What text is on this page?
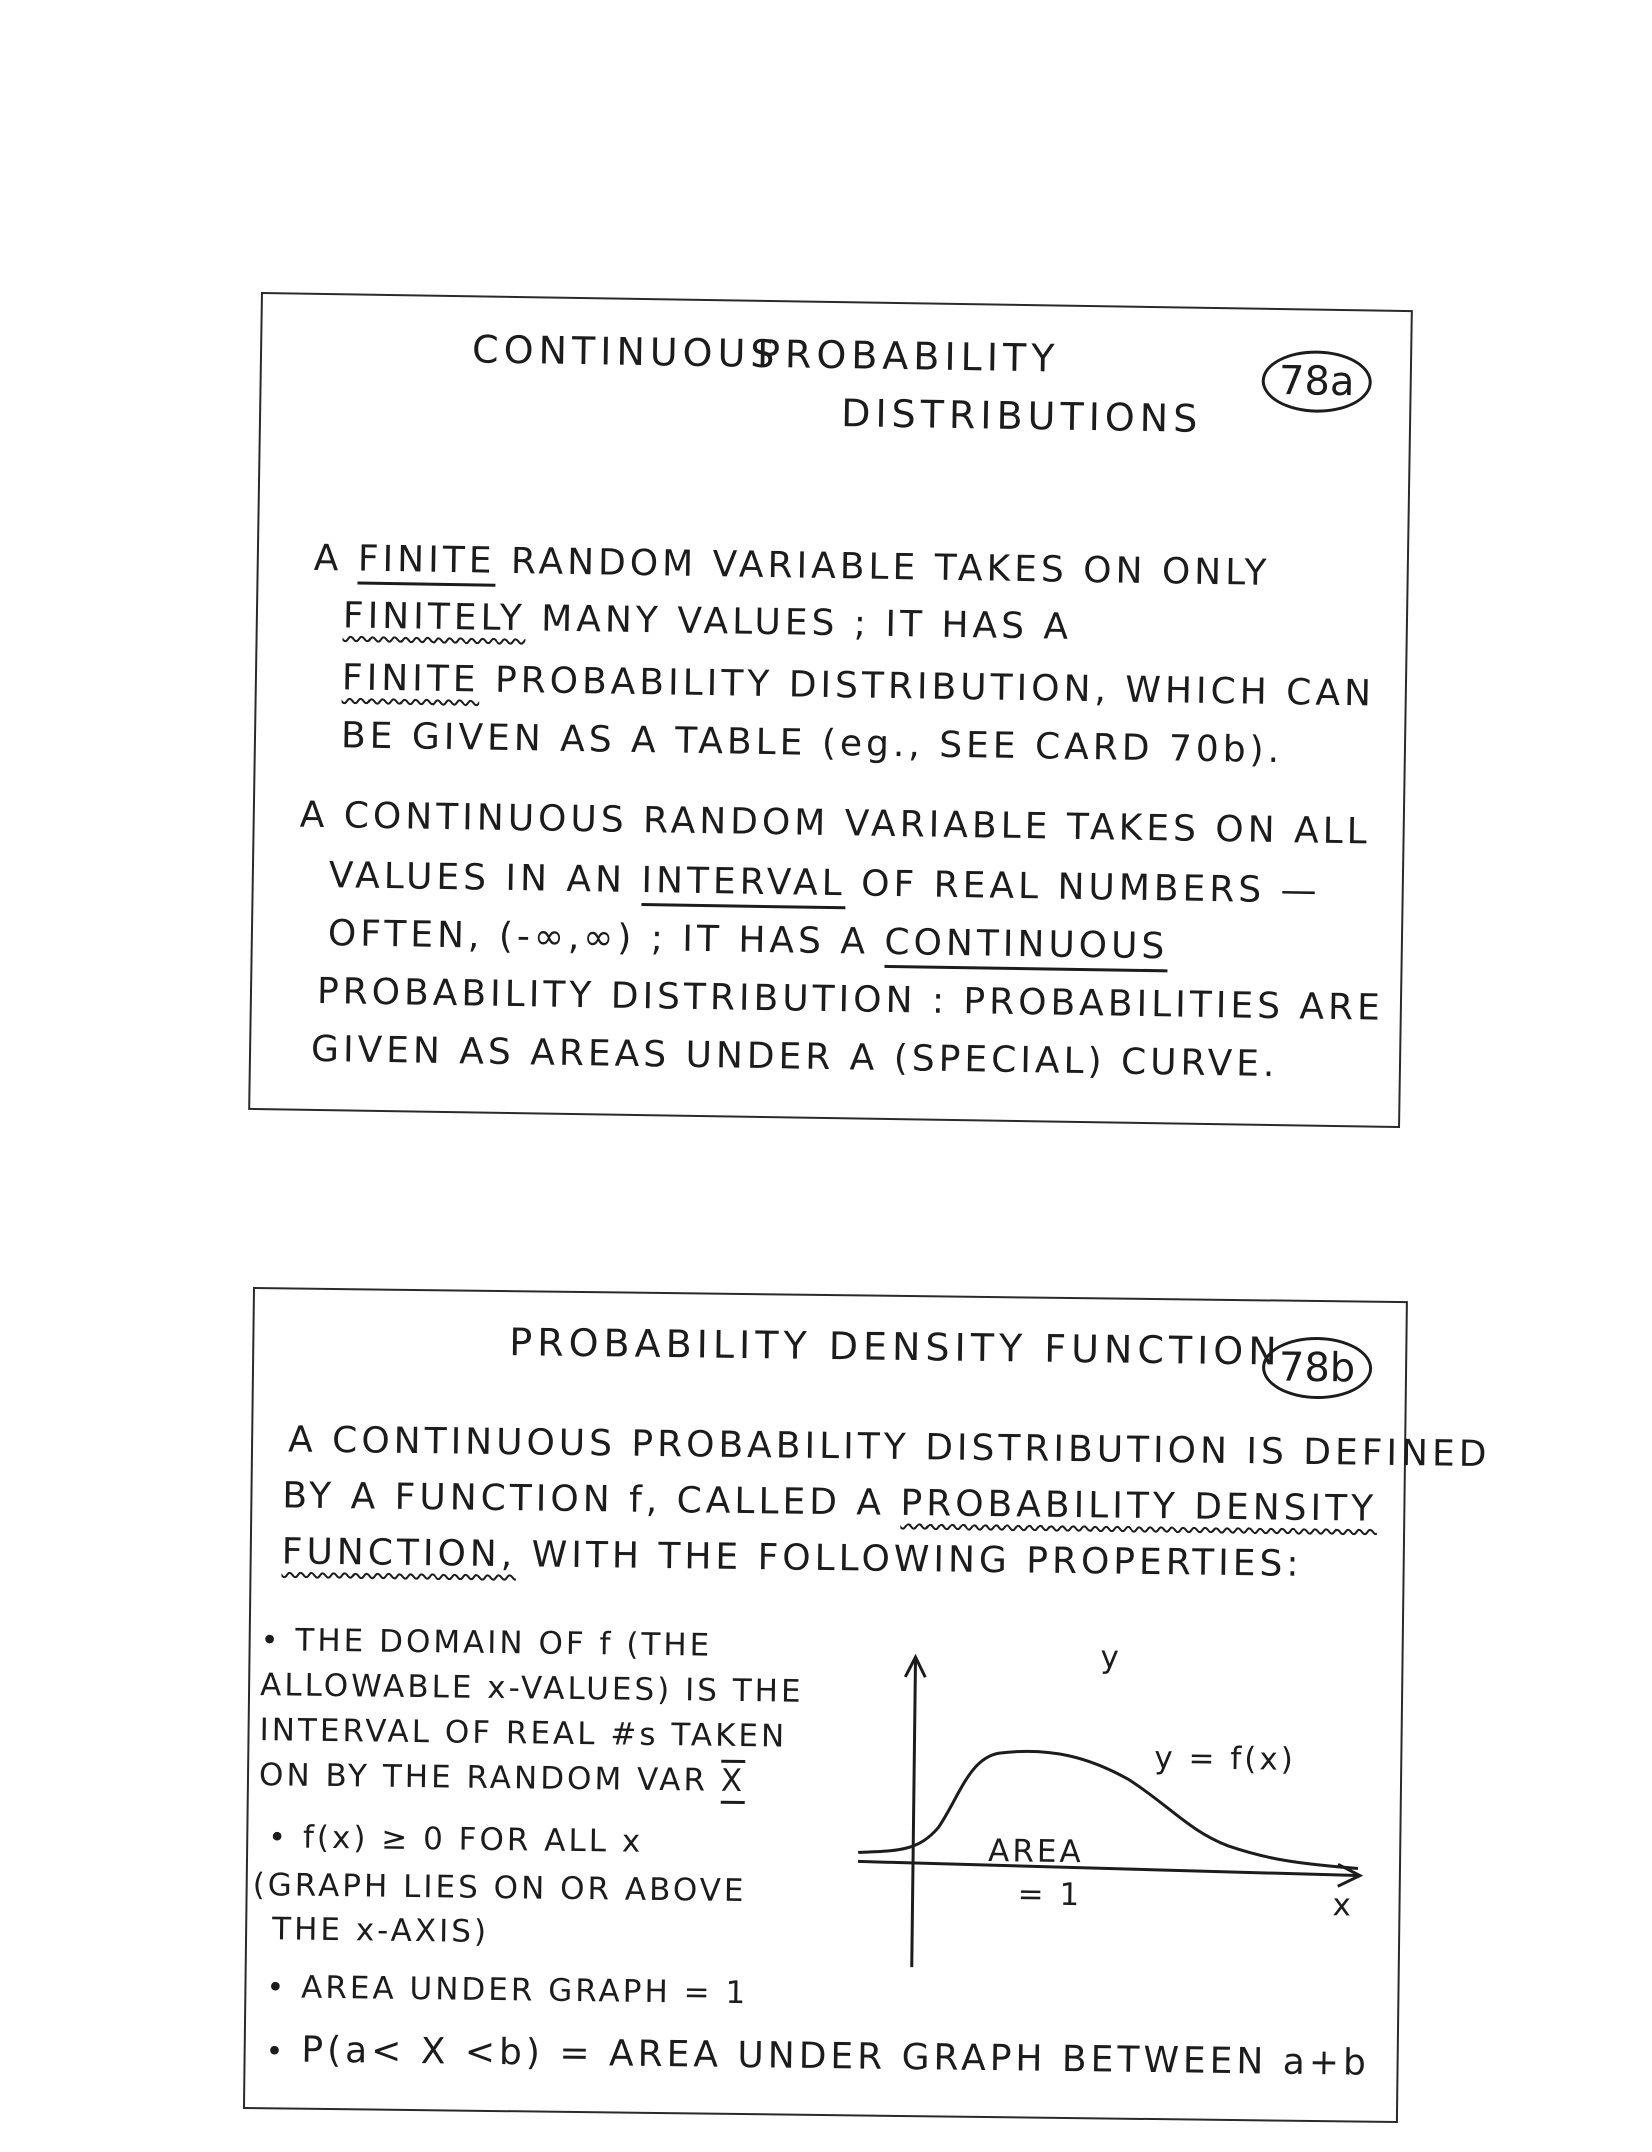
CONTINUOUS
PROBABILITY
DISTRIBUTIONS
78a
A FINITE RANDOM VARIABLE TAKES ON ONLY
FINITELY MANY VALUES ; IT HAS A
FINITE PROBABILITY DISTRIBUTION, WHICH CAN
BE GIVEN AS A TABLE (eg., SEE CARD 70b).
A CONTINUOUS RANDOM VARIABLE TAKES ON ALL
VALUES IN AN INTERVAL OF REAL NUMBERS —
OFTEN, (-∞,∞) ; IT HAS A CONTINUOUS
PROBABILITY DISTRIBUTION : PROBABILITIES ARE
GIVEN AS AREAS UNDER A (SPECIAL) CURVE.
PROBABILITY DENSITY FUNCTION
78b
A CONTINUOUS PROBABILITY DISTRIBUTION IS DEFINED
BY A FUNCTION f, CALLED A PROBABILITY DENSITY
FUNCTION, WITH THE FOLLOWING PROPERTIES:
• THE DOMAIN OF f (THE
ALLOWABLE x-VALUES) IS THE
INTERVAL OF REAL #s TAKEN
ON BY THE RANDOM VAR X
• f(x) ≥ 0 FOR ALL x
(GRAPH LIES ON OR ABOVE
THE x-AXIS)
• AREA UNDER GRAPH = 1
• P(a< X <b) = AREA UNDER GRAPH BETWEEN a+b
y
x
y = f(x)
AREA
= 1
